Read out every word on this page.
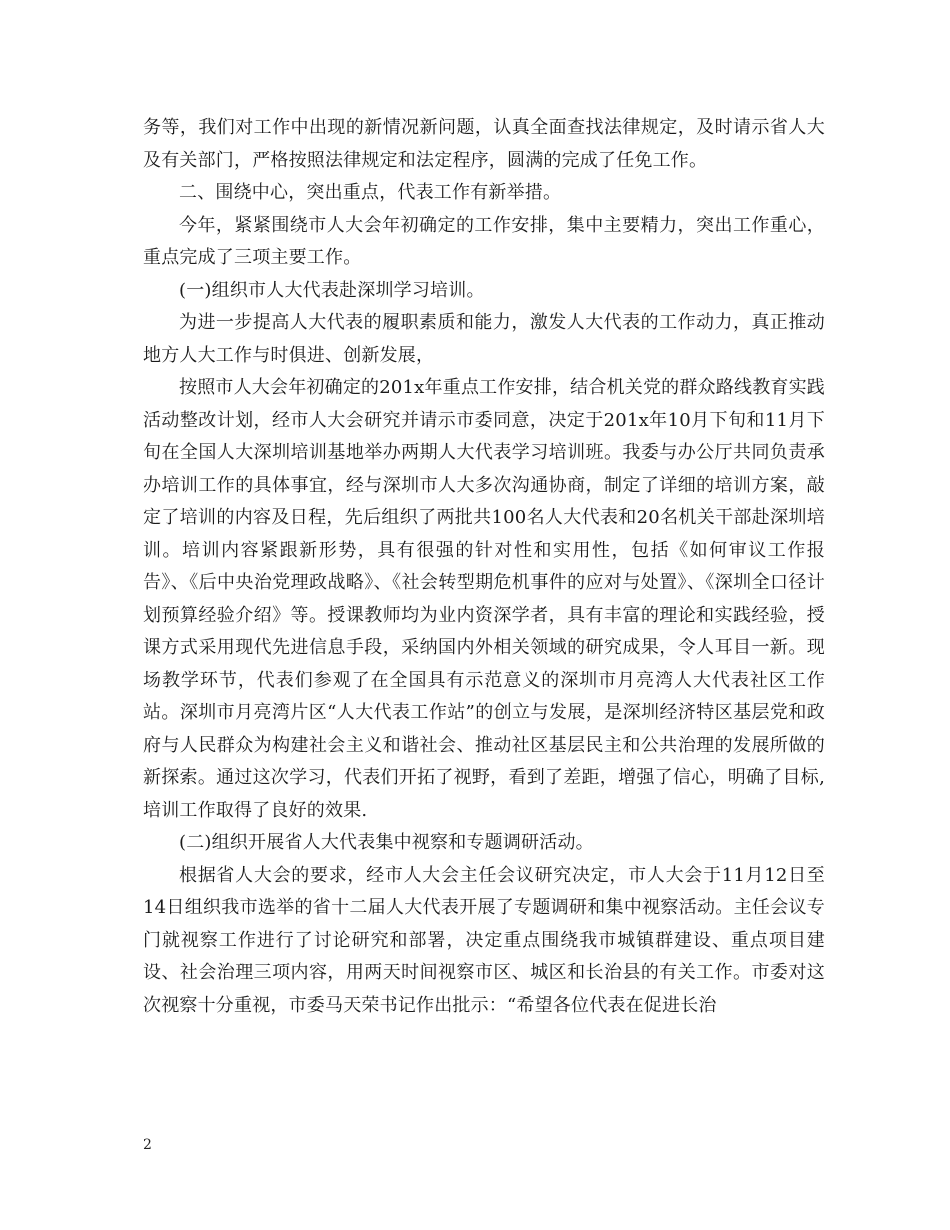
务等，我们对工作中出现的新情况新问题，认真全面查找法律规定，及时请示省人大及有关部门，严格按照法律规定和法定程序，圆满的完成了任免工作。

二、围绕中心，突出重点，代表工作有新举措。

今年，紧紧围绕市人大会年初确定的工作安排，集中主要精力，突出工作重心，重点完成了三项主要工作。

(一)组织市人大代表赴深圳学习培训。

为进一步提高人大代表的履职素质和能力，激发人大代表的工作动力，真正推动地方人大工作与时俱进、创新发展，

按照市人大会年初确定的201x年重点工作安排，结合机关党的群众路线教育实践活动整改计划，经市人大会研究并请示市委同意，决定于201x年10月下旬和11月下旬在全国人大深圳培训基地举办两期人大代表学习培训班。我委与办公厅共同负责承办培训工作的具体事宜，经与深圳市人大多次沟通协商，制定了详细的培训方案，敲定了培训的内容及日程，先后组织了两批共100名人大代表和20名机关干部赴深圳培训。培训内容紧跟新形势，具有很强的针对性和实用性，包括《如何审议工作报告》、《后中央治党理政战略》、《社会转型期危机事件的应对与处置》、《深圳全口径计划预算经验介绍》等。授课教师均为业内资深学者，具有丰富的理论和实践经验，授课方式采用现代先进信息手段，采纳国内外相关领域的研究成果，令人耳目一新。现场教学环节，代表们参观了在全国具有示范意义的深圳市月亮湾人大代表社区工作站。深圳市月亮湾片区“人大代表工作站”的创立与发展，是深圳经济特区基层党和政府与人民群众为构建社会主义和谐社会、推动社区基层民主和公共治理的发展所做的新探索。通过这次学习，代表们开拓了视野，看到了差距，增强了信心，明确了目标,培训工作取得了良好的效果.

(二)组织开展省人大代表集中视察和专题调研活动。

根据省人大会的要求，经市人大会主任会议研究决定，市人大会于11月12日至14日组织我市选举的省十二届人大代表开展了专题调研和集中视察活动。主任会议专门就视察工作进行了讨论研究和部署，决定重点围绕我市城镇群建设、重点项目建设、社会治理三项内容，用两天时间视察市区、城区和长治县的有关工作。市委对这次视察十分重视，市委马天荣书记作出批示：“希望各位代表在促进长治

2
